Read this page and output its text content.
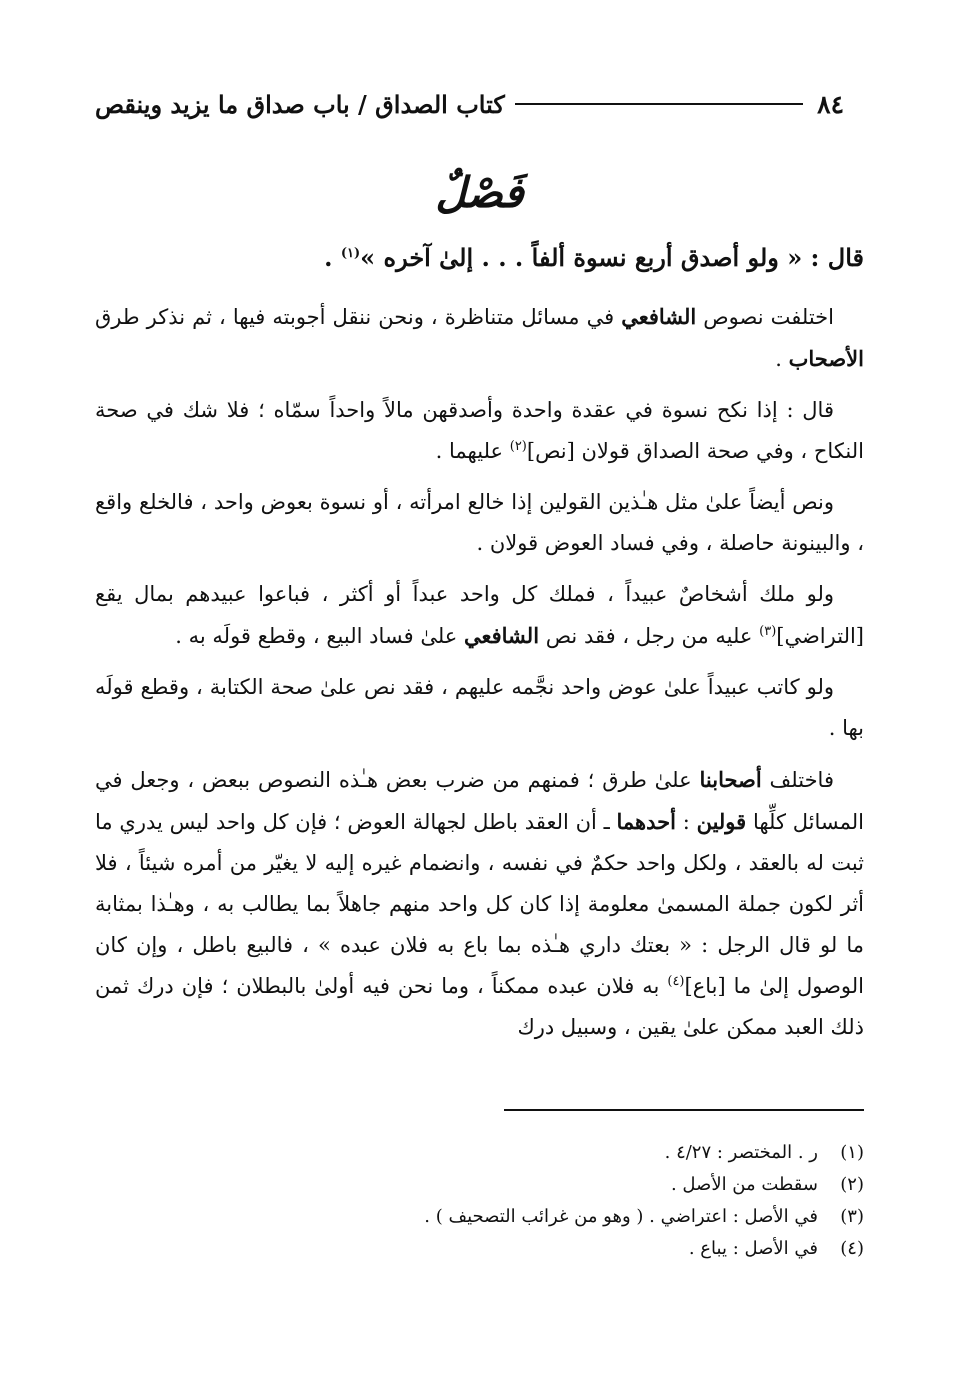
٨٤
كتاب الصداق / باب صداق ما يزيد وينقص
فَصْلٌ
قال : « ولو أصدق أربع نسوة ألفاً . . . إلىٰ آخره »$^{(١)}$ .

اختلفت نصوص الشافعي في مسائل متناظرة ، ونحن ننقل أجوبته فيها ، ثم نذكر طرق الأصحاب .

قال : إذا نكح نسوة في عقدة واحدة وأصدقهن مالاً واحداً سمّاه ؛ فلا شك في صحة النكاح ، وفي صحة الصداق قولان [نص]$^{(٢)}$ عليهما .

ونص أيضاً علىٰ مثل هـٰذين القولين إذا خالع امرأته ، أو نسوة بعوض واحد ، فالخلع واقع ، والبينونة حاصلة ، وفي فساد العوض قولان .

ولو ملك أشخاصٌ عبيداً ، فملك كل واحد عبداً أو أكثر ، فباعوا عبيدهم بمال يقع [التراضي]$^{(٣)}$ عليه من رجل ، فقد نص الشافعي علىٰ فساد البيع ، وقطع قولَه به .

ولو كاتب عبيداً علىٰ عوض واحد نجَّمه عليهم ، فقد نص علىٰ صحة الكتابة ، وقطع قولَه بها .

فاختلف أصحابنا علىٰ طرق ؛ فمنهم من ضرب بعض هـٰذه النصوص ببعض ، وجعل في المسائل كلِّها قولين : أحدهما ـ أن العقد باطل لجهالة العوض ؛ فإن كل واحد ليس يدري ما ثبت له بالعقد ، ولكل واحد حكمٌ في نفسه ، وانضمام غيره إليه لا يغيّر من أمره شيئاً ، فلا أثر لكون جملة المسمىٰ معلومة إذا كان كل واحد منهم جاهلاً بما يطالب به ، وهـٰذا بمثابة ما لو قال الرجل : « بعتك داري هـٰذه بما باع به فلان عبده » ، فالبيع باطل ، وإن كان الوصول إلىٰ ما [باع]$^{(٤)}$ به فلان عبده ممكناً ، وما نحن فيه أولىٰ بالبطلان ؛ فإن درك ثمن ذلك العبد ممكن علىٰ يقين ، وسبيل درك

(١)
ر . المختصر : ٤/٢٧ .
(٢)
سقطت من الأصل .
(٣)
في الأصل : اعتراضي . ( وهو من غرائب التصحيف ) .
(٤)
في الأصل : يباع .
